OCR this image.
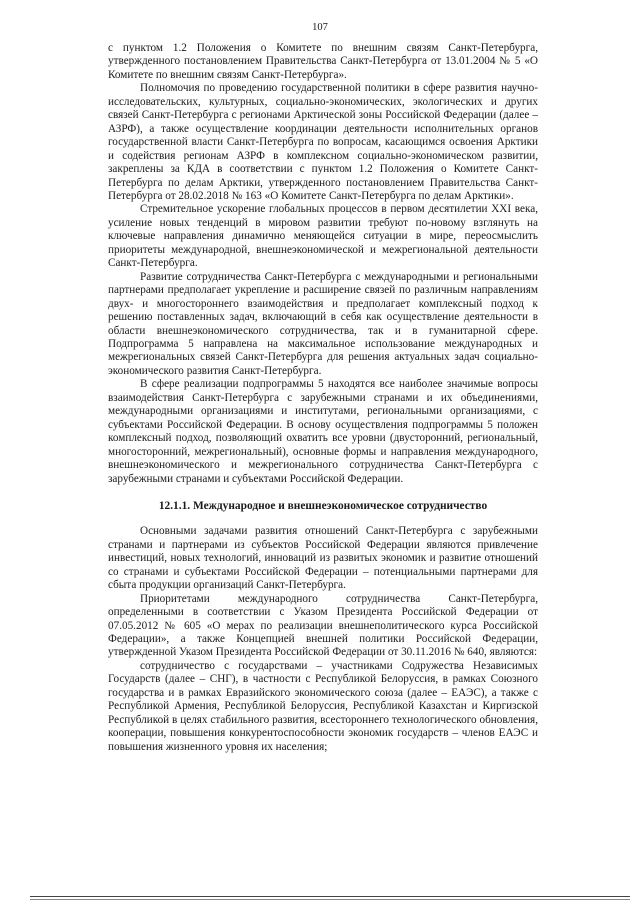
107

с пунктом 1.2 Положения о Комитете по внешним связям Санкт-Петербурга, утвержденного постановлением Правительства Санкт-Петербурга от 13.01.2004 № 5 «О Комитете по внешним связям Санкт-Петербурга».

Полномочия по проведению государственной политики в сфере развития научно-исследовательских, культурных, социально-экономических, экологических и других связей Санкт-Петербурга с регионами Арктической зоны Российской Федерации (далее – АЗРФ), а также осуществление координации деятельности исполнительных органов государственной власти Санкт-Петербурга по вопросам, касающимся освоения Арктики и содействия регионам АЗРФ в комплексном социально-экономическом развитии, закреплены за КДА в соответствии с пунктом 1.2 Положения о Комитете Санкт-Петербурга по делам Арктики, утвержденного постановлением Правительства Санкт-Петербурга от 28.02.2018 № 163 «О Комитете Санкт-Петербурга по делам Арктики».

Стремительное ускорение глобальных процессов в первом десятилетии XXI века, усиление новых тенденций в мировом развитии требуют по-новому взглянуть на ключевые направления динамично меняющейся ситуации в мире, переосмыслить приоритеты международной, внешнеэкономической и межрегиональной деятельности Санкт-Петербурга.

Развитие сотрудничества Санкт-Петербурга с международными и региональными партнерами предполагает укрепление и расширение связей по различным направлениям двух- и многостороннего взаимодействия и предполагает комплексный подход к решению поставленных задач, включающий в себя как осуществление деятельности в области внешнеэкономического сотрудничества, так и в гуманитарной сфере. Подпрограмма 5 направлена на максимальное использование международных и межрегиональных связей Санкт-Петербурга для решения актуальных задач социально-экономического развития Санкт-Петербурга.

В сфере реализации подпрограммы 5 находятся все наиболее значимые вопросы взаимодействия Санкт-Петербурга с зарубежными странами и их объединениями, международными организациями и институтами, региональными организациями, с субъектами Российской Федерации. В основу осуществления подпрограммы 5 положен комплексный подход, позволяющий охватить все уровни (двусторонний, региональный, многосторонний, межрегиональный), основные формы и направления международного, внешнеэкономического и межрегионального сотрудничества Санкт-Петербурга с зарубежными странами и субъектами Российской Федерации.

12.1.1. Международное и внешнеэкономическое сотрудничество

Основными задачами развития отношений Санкт-Петербурга с зарубежными странами и партнерами из субъектов Российской Федерации являются привлечение инвестиций, новых технологий, инноваций из развитых экономик и развитие отношений со странами и субъектами Российской Федерации – потенциальными партнерами для сбыта продукции организаций Санкт-Петербурга.

Приоритетами международного сотрудничества Санкт-Петербурга, определенными в соответствии с Указом Президента Российской Федерации от 07.05.2012 № 605 «О мерах по реализации внешнеполитического курса Российской Федерации», а также Концепцией внешней политики Российской Федерации, утвержденной Указом Президента Российской Федерации от 30.11.2016 № 640, являются:

сотрудничество с государствами – участниками Содружества Независимых Государств (далее – СНГ), в частности с Республикой Белоруссия, в рамках Союзного государства и в рамках Евразийского экономического союза (далее – ЕАЭС), а также с Республикой Армения, Республикой Белоруссия, Республикой Казахстан и Киргизской Республикой в целях стабильного развития, всестороннего технологического обновления, кооперации, повышения конкурентоспособности экономик государств – членов ЕАЭС и повышения жизненного уровня их населения;
